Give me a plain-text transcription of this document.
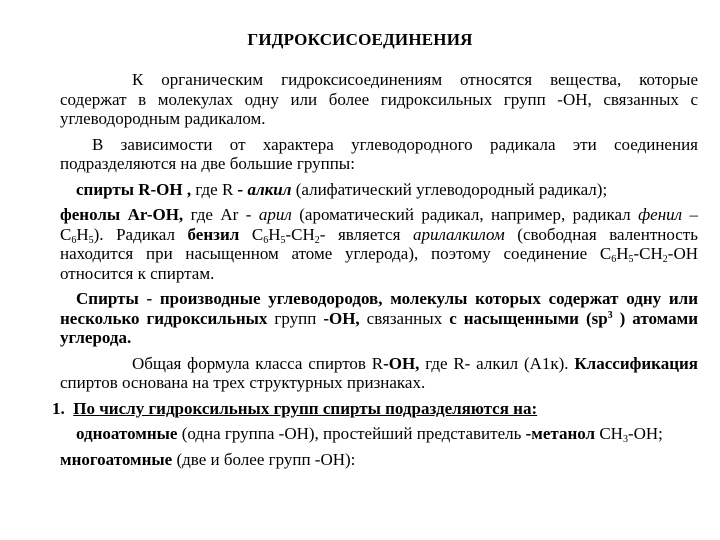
ГИДРОКСИСОЕДИНЕНИЯ

К органическим гидроксисоединениям относятся вещества, которые содержат в молекулах одну или более гидроксильных групп -OH, связанных с углеводородным радикалом.

В зависимости от характера углеводородного радикала эти соединения подразделяются на две большие группы:

спирты R-OH , где R - алкил (алифатический углеводородный радикал);

фенолы Ar-OH, где Ar - арил (ароматический радикал, например, радикал фенил $-C_6H_5$). Радикал бензил $C_6H_5-CH_2-$ является арилалкилом (свободная валентность находится при насыщенном атоме углерода), поэтому соединение $C_6H_5-CH_2-OH$ относится к спиртам.

Спирты - производные углеводородов, молекулы которых содержат одну или несколько гидроксильных групп -OH, связанных с насыщенными ($sp^3$ ) атомами углерода.

Общая формула класса спиртов R-OH, где R- алкил (A1к). Классификация спиртов основана на трех структурных признаках.

1. По числу гидроксильных групп спирты подразделяются на:

одноатомные (одна группа -OH), простейший представитель -метанол $CH_3-OH$;

многоатомные (две и более групп -OH):
